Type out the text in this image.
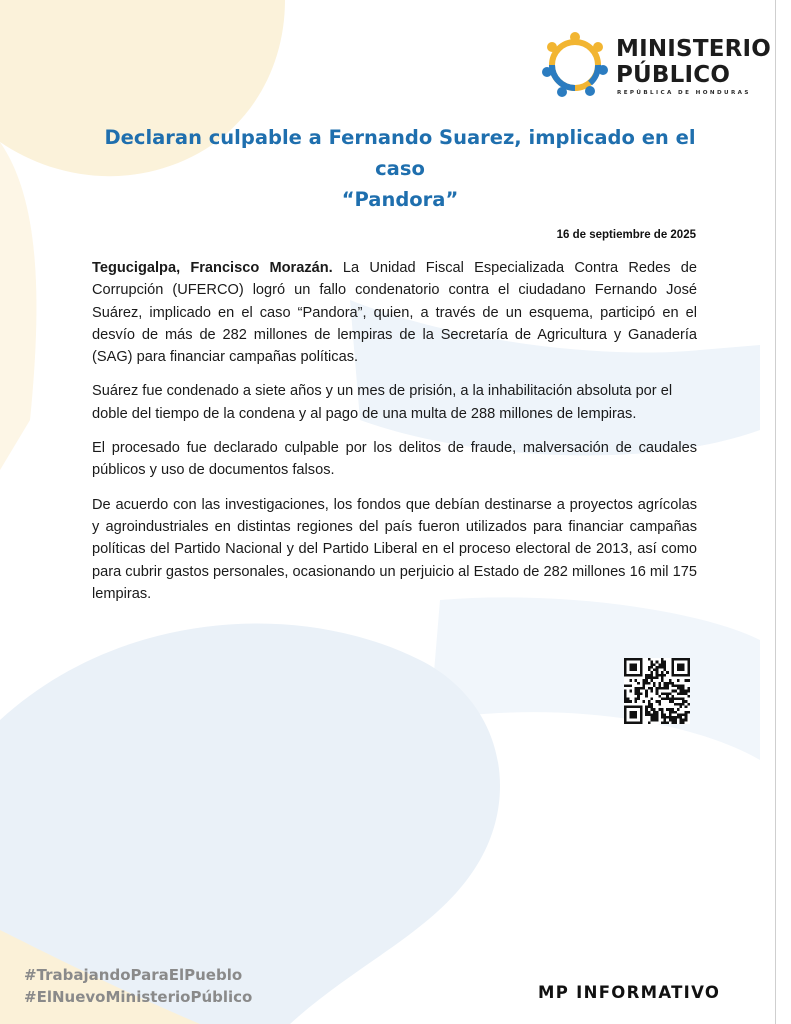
MINISTERIO
PÚBLICO
REPÚBLICA DE HONDURAS
Declaran culpable a Fernando Suarez, implicado en el caso
“Pandora”
16 de septiembre de 2025

Tegucigalpa, Francisco Morazán. La Unidad Fiscal Especializada Contra Redes de Corrupción (UFERCO) logró un fallo condenatorio contra el ciudadano Fernando José Suárez, implicado en el caso “Pandora”, quien, a través de un esquema, participó en el desvío de más de 282 millones de lempiras de la Secretaría de Agricultura y Ganadería (SAG) para financiar campañas políticas.

Suárez fue condenado a siete años y un mes de prisión, a la inhabilitación absoluta por el doble del tiempo de la condena y al pago de una multa de 288 millones de lempiras.

El procesado fue declarado culpable por los delitos de fraude, malversación de caudales públicos y uso de documentos falsos.

De acuerdo con las investigaciones, los fondos que debían destinarse a proyectos agrícolas y agroindustriales en distintas regiones del país fueron utilizados para financiar campañas políticas del Partido Nacional y del Partido Liberal en el proceso electoral de 2013, así como para cubrir gastos personales, ocasionando un perjuicio al Estado de 282 millones 16 mil 175 lempiras.

#TrabajandoParaElPueblo
#ElNuevoMinisterioPúblico	MP INFORMATIVO
